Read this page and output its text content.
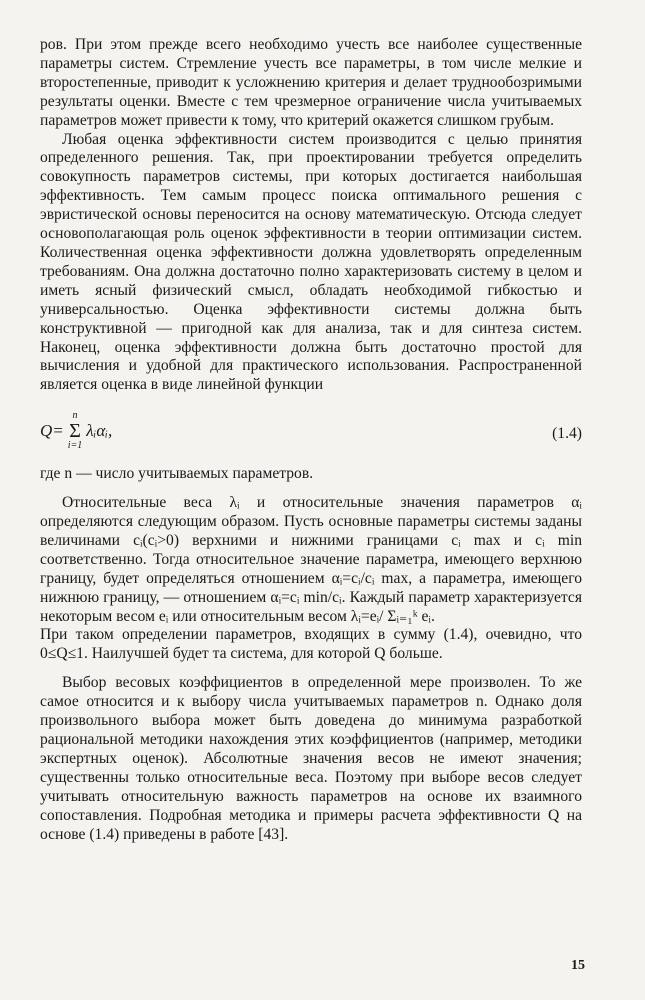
ров. При этом прежде всего необходимо учесть все наиболее существенные параметры систем. Стремление учесть все параметры, в том числе мелкие и второстепенные, приводит к усложнению критерия и делает труднообозримыми результаты оценки. Вместе с тем чрезмерное ограничение числа учитываемых параметров может привести к тому, что критерий окажется слишком грубым.

Любая оценка эффективности систем производится с целью принятия определенного решения. Так, при проектировании требуется определить совокупность параметров системы, при которых достигается наибольшая эффективность. Тем самым процесс поиска оптимального решения с эвристической основы переносится на основу математическую. Отсюда следует основополагающая роль оценок эффективности в теории оптимизации систем. Количественная оценка эффективности должна удовлетворять определенным требованиям. Она должна достаточно полно характеризовать систему в целом и иметь ясный физический смысл, обладать необходимой гибкостью и универсальностью. Оценка эффективности системы должна быть конструктивной — пригодной как для анализа, так и для синтеза систем. Наконец, оценка эффективности должна быть достаточно простой для вычисления и удобной для практического использования. Распространенной является оценка в виде линейной функции

Q=
n
Σ
i=1
λᵢαᵢ,	(1.4)

где n — число учитываемых параметров.

Относительные веса λᵢ и относительные значения параметров αᵢ определяются следующим образом. Пусть основные параметры системы заданы величинами cᵢ(cᵢ>0) верхними и нижними границами cᵢ max и cᵢ min соответственно. Тогда относительное значение параметра, имеющего верхнюю границу, будет определяться отношением αᵢ=cᵢ/cᵢ max, а параметра, имеющего нижнюю границу, — отношением αᵢ=cᵢ min/cᵢ. Каждый параметр характеризуется некоторым весом eᵢ или относительным весом λᵢ=eᵢ/ Σᵢ₌₁ᵏ eᵢ.

При таком определении параметров, входящих в сумму (1.4), очевидно, что 0≤Q≤1. Наилучшей будет та система, для которой Q больше.

Выбор весовых коэффициентов в определенной мере произволен. То же самое относится и к выбору числа учитываемых параметров n. Однако доля произвольного выбора может быть доведена до минимума разработкой рациональной методики нахождения этих коэффициентов (например, методики экспертных оценок). Абсолютные значения весов не имеют значения; существенны только относительные веса. Поэтому при выборе весов следует учитывать относительную важность параметров на основе их взаимного сопоставления. Подробная методика и примеры расчета эффективности Q на основе (1.4) приведены в работе [43].

15
